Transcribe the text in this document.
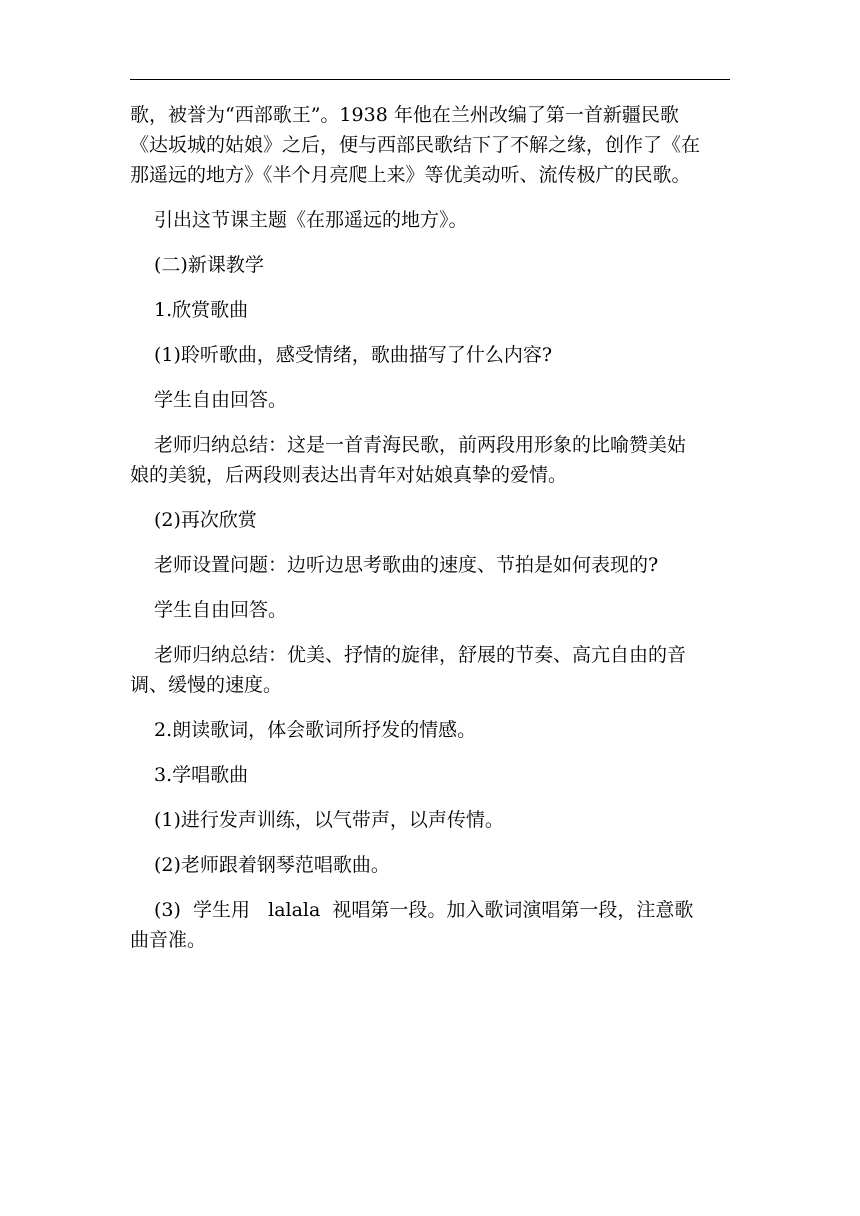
歌，被誉为“西部歌王”。1938 年他在兰州改编了第一首新疆民歌
《达坂城的姑娘》之后，便与西部民歌结下了不解之缘，创作了《在
那遥远的地方》《半个月亮爬上来》等优美动听、流传极广的民歌。

引出这节课主题《在那遥远的地方》。

(二)新课教学

1.欣赏歌曲

(1)聆听歌曲，感受情绪，歌曲描写了什么内容?

学生自由回答。

老师归纳总结：这是一首青海民歌，前两段用形象的比喻赞美姑
娘的美貌，后两段则表达出青年对姑娘真挚的爱情。

(2)再次欣赏

老师设置问题：边听边思考歌曲的速度、节拍是如何表现的?

学生自由回答。

老师归纳总结：优美、抒情的旋律，舒展的节奏、高亢自由的音
调、缓慢的速度。

2.朗读歌词，体会歌词所抒发的情感。

3.学唱歌曲

(1)进行发声训练，以气带声，以声传情。

(2)老师跟着钢琴范唱歌曲。

(3)  学生用   lalala  视唱第一段。加入歌词演唱第一段，注意歌
曲音准。
